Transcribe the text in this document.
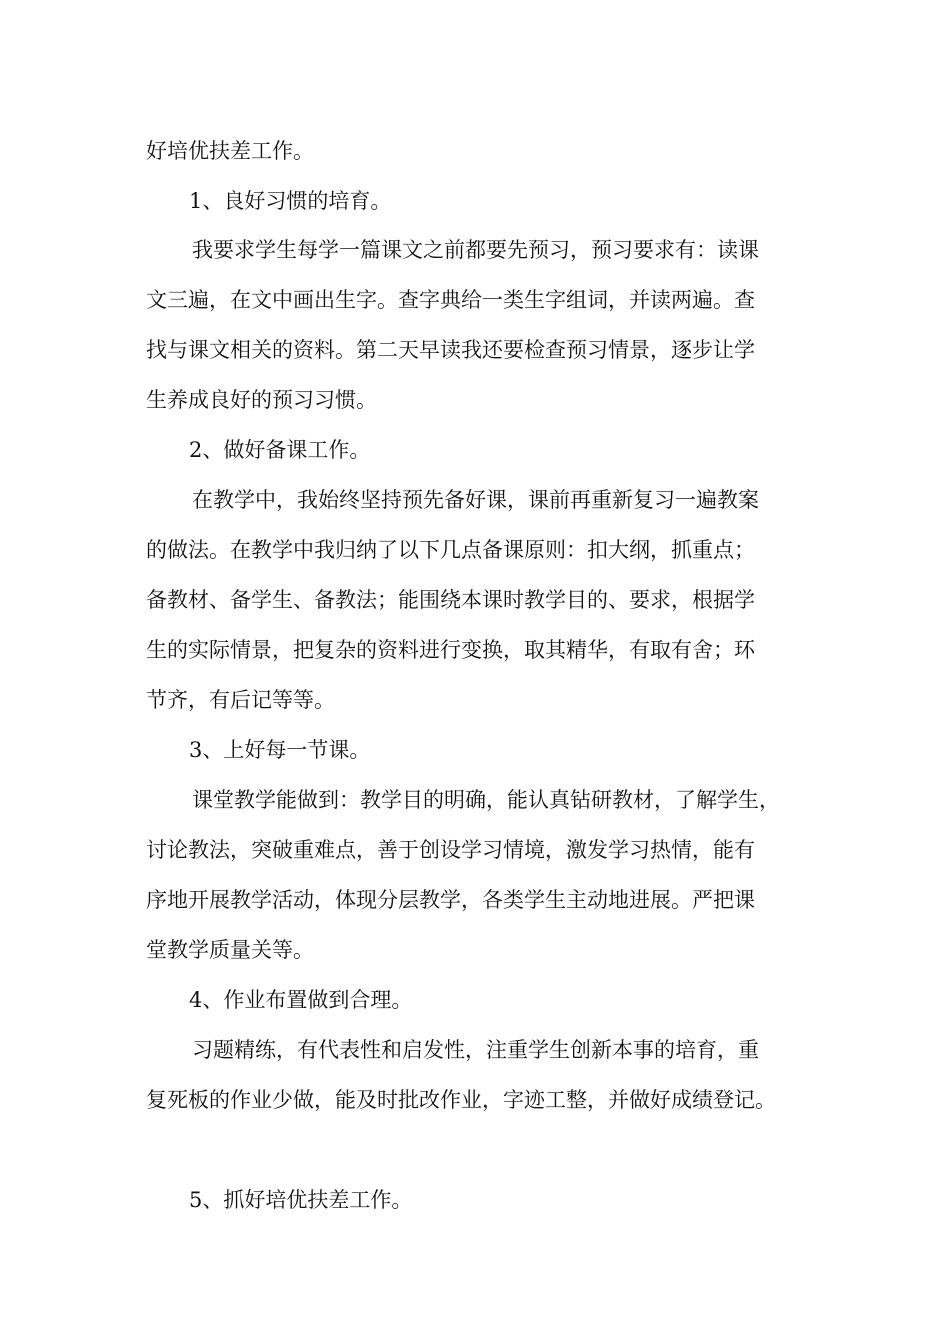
好培优扶差工作。

1、良好习惯的培育。

我要求学生每学一篇课文之前都要先预习，预习要求有：读课

文三遍，在文中画出生字。查字典给一类生字组词，并读两遍。查

找与课文相关的资料。第二天早读我还要检查预习情景，逐步让学

生养成良好的预习习惯。

2、做好备课工作。

在教学中，我始终坚持预先备好课，课前再重新复习一遍教案

的做法。在教学中我归纳了以下几点备课原则：扣大纲，抓重点；

备教材、备学生、备教法；能围绕本课时教学目的、要求，根据学

生的实际情景，把复杂的资料进行变换，取其精华，有取有舍；环

节齐，有后记等等。

3、上好每一节课。

课堂教学能做到：教学目的明确，能认真钻研教材，了解学生，

讨论教法，突破重难点，善于创设学习情境，激发学习热情，能有

序地开展教学活动，体现分层教学，各类学生主动地进展。严把课

堂教学质量关等。

4、作业布置做到合理。

习题精练，有代表性和启发性，注重学生创新本事的培育，重

复死板的作业少做，能及时批改作业，字迹工整，并做好成绩登记。

5、抓好培优扶差工作。
